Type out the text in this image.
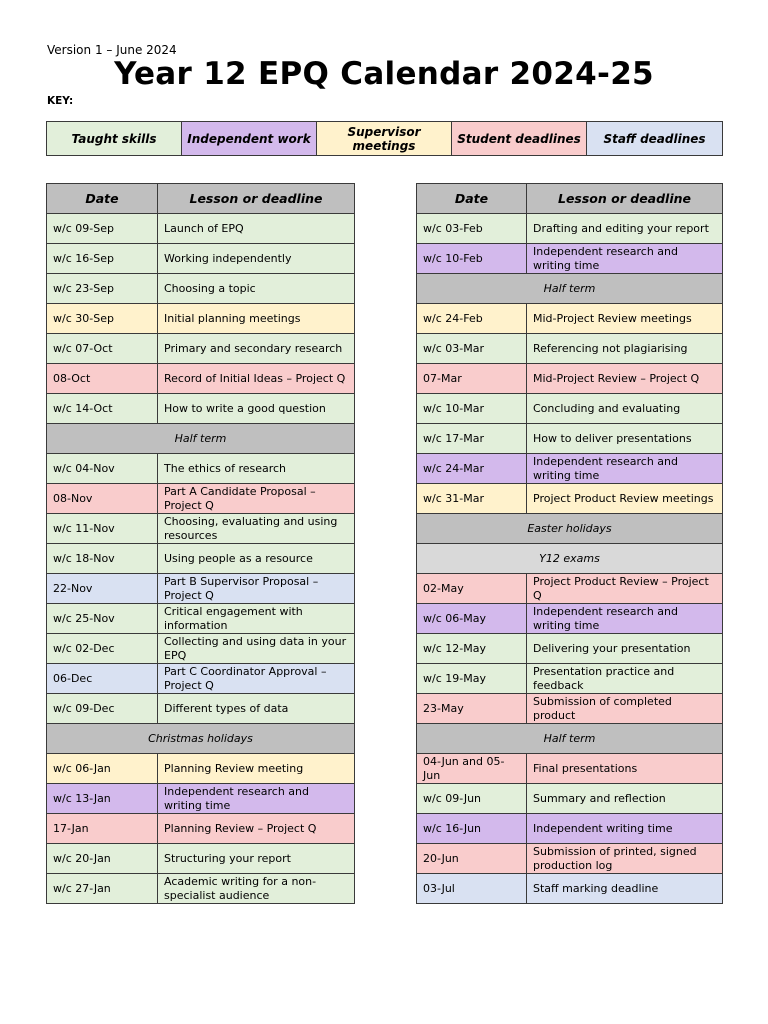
Version 1 – June 2024
Year 12 EPQ Calendar 2024-25
KEY:
Taught skills	Independent work	Supervisor meetings	Student deadlines	Staff deadlines
Date	Lesson or deadline
w/c 09-Sep	Launch of EPQ
w/c 16-Sep	Working independently
w/c 23-Sep	Choosing a topic
w/c 30-Sep	Initial planning meetings
w/c 07-Oct	Primary and secondary research
08-Oct	Record of Initial Ideas – Project Q
w/c 14-Oct	How to write a good question
Half term	
w/c 04-Nov	The ethics of research
08-Nov	Part A Candidate Proposal – Project Q
w/c 11-Nov	Choosing, evaluating and using resources
w/c 18-Nov	Using people as a resource
22-Nov	Part B Supervisor Proposal – Project Q
w/c 25-Nov	Critical engagement with information
w/c 02-Dec	Collecting and using data in your EPQ
06-Dec	Part C Coordinator Approval – Project Q
w/c 09-Dec	Different types of data
Christmas holidays	
w/c 06-Jan	Planning Review meeting
w/c 13-Jan	Independent research and writing time
17-Jan	Planning Review – Project Q
w/c 20-Jan	Structuring your report
w/c 27-Jan	Academic writing for a non-specialist audience
Date	Lesson or deadline
w/c 03-Feb	Drafting and editing your report
w/c 10-Feb	Independent research and writing time
Half term	
w/c 24-Feb	Mid-Project Review meetings
w/c 03-Mar	Referencing not plagiarising
07-Mar	Mid-Project Review – Project Q
w/c 10-Mar	Concluding and evaluating
w/c 17-Mar	How to deliver presentations
w/c 24-Mar	Independent research and writing time
w/c 31-Mar	Project Product Review meetings
Easter holidays	
Y12 exams	
02-May	Project Product Review – Project Q
w/c 06-May	Independent research and writing time
w/c 12-May	Delivering your presentation
w/c 19-May	Presentation practice and feedback
23-May	Submission of completed product
Half term	
04-Jun and 05-Jun	Final presentations
w/c 09-Jun	Summary and reflection
w/c 16-Jun	Independent writing time
20-Jun	Submission of printed, signed production log
03-Jul	Staff marking deadline
